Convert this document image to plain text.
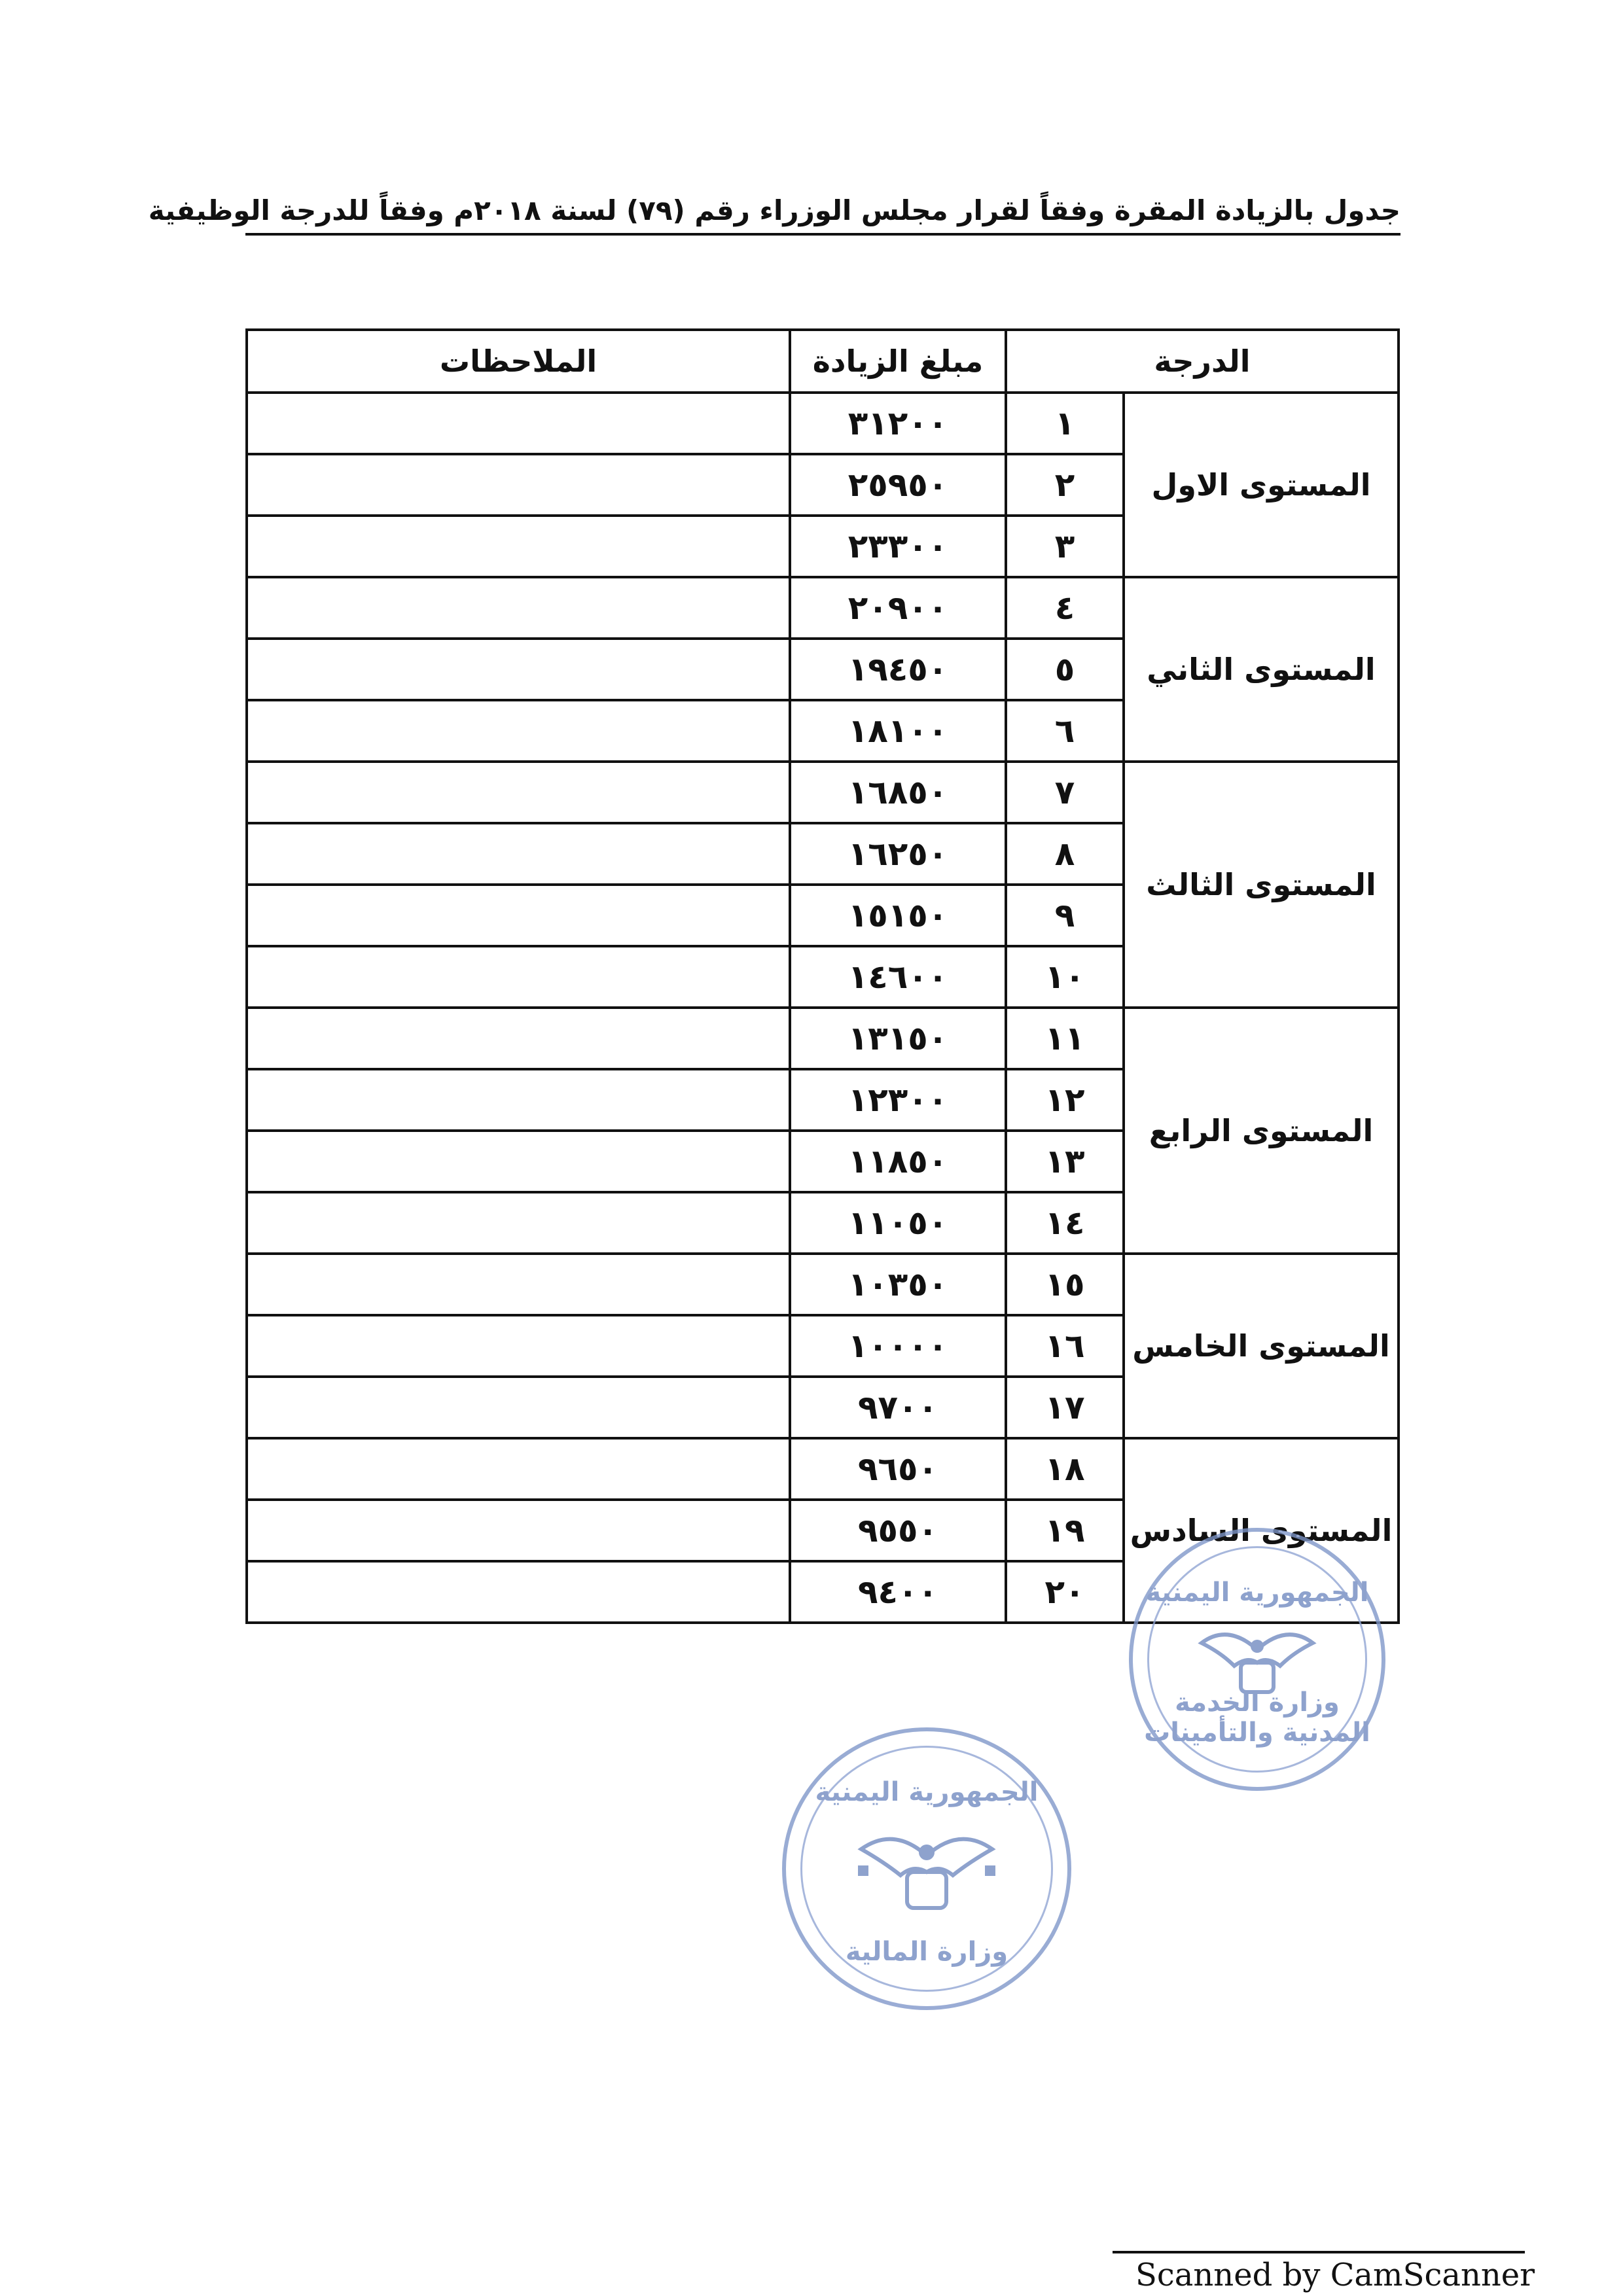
جدول بالزيادة المقرة وفقاً لقرار مجلس الوزراء رقم (٧٩) لسنة ٢٠١٨م وفقاً للدرجة الوظيفية
الدرجة		مبلغ الزيادة	الملاحظات
المستوى الاول	١	٣١٢٠٠	
	٢	٢٥٩٥٠	
	٣	٢٣٣٠٠	
المستوى الثاني	٤	٢٠٩٠٠	
	٥	١٩٤٥٠	
	٦	١٨١٠٠	
المستوى الثالث	٧	١٦٨٥٠	
	٨	١٦٢٥٠	
	٩	١٥١٥٠	
	١٠	١٤٦٠٠	
المستوى الرابع	١١	١٣١٥٠	
	١٢	١٢٣٠٠	
	١٣	١١٨٥٠	
	١٤	١١٠٥٠	
المستوى الخامس	١٥	١٠٣٥٠	
	١٦	١٠٠٠٠	
	١٧	٩٧٠٠	
المستوى السادس	١٨	٩٦٥٠	
	١٩	٩٥٥٠	
	٢٠	٩٤٠٠		الجمهورية اليمنية
وزارة الخدمة المدنية والتأمينات
الجمهورية اليمنية
وزارة المالية
Scanned by CamScanner
